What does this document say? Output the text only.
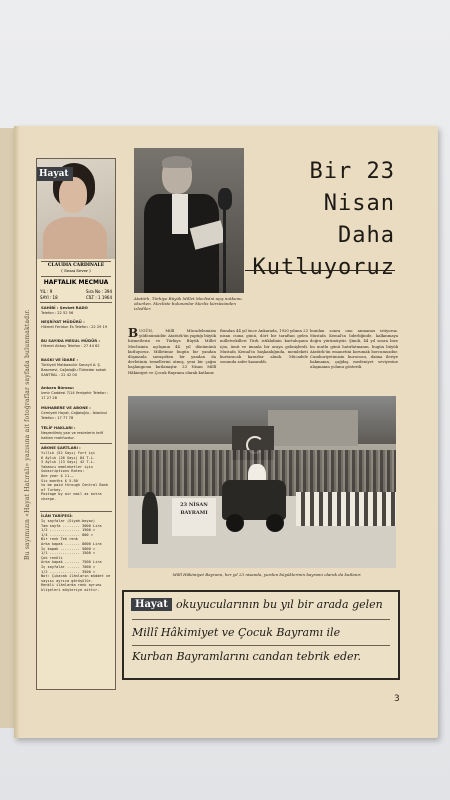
Bu sayımızın «Hayat Hatıralı» yazısına ait fotoğraflar sayfada bulunmaktadır.
Hayat
CLAUDIA CARDINALE
( Sezai Sever )
HAFTALIK MECMUA
YIL : 9	Sıra No : 394
SAYI : 18	CİLT : 1 1964
SAHİBİ : Şevket RADO
Telefon : 22 52 56
NEŞRİYAT MÜDÜRÜ :
Hikmet Feridun Es Telefon : 22 29 19
BU SAYIDA MESUL MÜDÜR :
Hikmet Akbay Telefon : 27 44 62
BASKI VE İDARE :
Türkiyeli Matbaacılık Sanayii A. Ş. Basımevi, Cağaloğlu Türbedar sokak SANTRAL : 22 42 00
Ankara Bürosu:
İzmir Caddesi 7/14 Yenişehir Telefon : 17 27 28
MUHABERE VE ABONE :
Cemiyeti Hayat, Cağaloğlu - İstanbul Telefon : 17 77 78
TELİF HAKLARI :
Neşredilmiş yazı ve resimlerin telif hakları mahfuzdur.
ABONE ŞARTLARI :
Yıllık (52 Sayı) Yurt içi
6 Aylık (26 Sayı) 84 T.L.
3 Aylık (13 Sayı) 42 T.L.
Yabancı memleketler için
Subscriptions Rates:
One year $ 11.—
Six months $ 5.50
to be paid through Central Bank of Turkey.
Postage by air mail as extra charge.
İLÂN TARİFESİ:
İç sayfalar (Siyah-beyaz)
Tam sayfa ........ 3000 Lira
1/2 .............. 1500 »
1/4 .............. 800 »
Bir renk Tek renk
Arka kapak ....... 8000 Lira
İç kapak ......... 5000 »
1/1 .............. 1500 »
Çok renkli
Arka kapak ....... 7500 Lira
İç sayfalar ...... 7000 »
1/2 .............. 3500 »
Not: Çıkacak ilânların müddet ve sayısı ayrıca görüşülür.
Renkli ilânlarda renk ayrımı klişeleri müşteriye aittir.
Atatürk, Türkiye Büyük Millet Meclisini açış nutkunu okurken. Mecliste bulunanlar Meclis kürsüsünden izlediler.
Bir 23 Nisan
Daha
Kutluyoruz
B UGÜN, Millî Mücadelemizin yıldönümüdür. Atatürk'ün yaptığı büyük hizmetlerin ve Türkiye Büyük Millet Meclisinin açılışının 44. yıl dönümünü kutluyoruz. Milletimiz bugün bir yandan düşmanla savaşırken bir yandan da devletinin temellerini atmış, yeni bir çağın başlangıcını kutlamıştır. 23 Nisan Millî Hâkimiyet ve Çocuk Bayramı olarak kutlanır.
Bundan 44 yıl önce Ankarada, 1920 yılının 23 nisan cuma günü, dört bir taraftan gelen milletvekilleri Türk istiklalinin kurtuluşunu için, ümit ve imanla bir araya gelmişlerdi. Mustafa Kemal'in başkanlığında, memleketi kurtaracak kararlar alındı. Mücadele sonunda zafer kazanıldı.
bundan sonra onu anmanızı istiyoruz. Mustafa Kemal'in liderliğinde, kalkınmaya doğru yürümüştür. Şimdi, 44 yıl sonra bize bu mutlu günü hatırlatmanın, bugün büyük Atatürk'ün emanetini korumak borcumuzdur. Cumhuriyetimizin kurucusu, daima ileriye bakmanın, çağdaş medeniyet seviyesine ulaşmanın yolunu gösterdi.
23 NİSAN BAYRAMI
Millî Hâkimiyet Bayramı, her yıl 23 nisanda, yurdun büyüklerinin bayramı olarak da kutlanır.
Hayat okuyucularının bu yıl bir arada gelen
Millî Hâkimiyet ve Çocuk Bayramı ile
Kurban Bayramlarını candan tebrik eder.
3
